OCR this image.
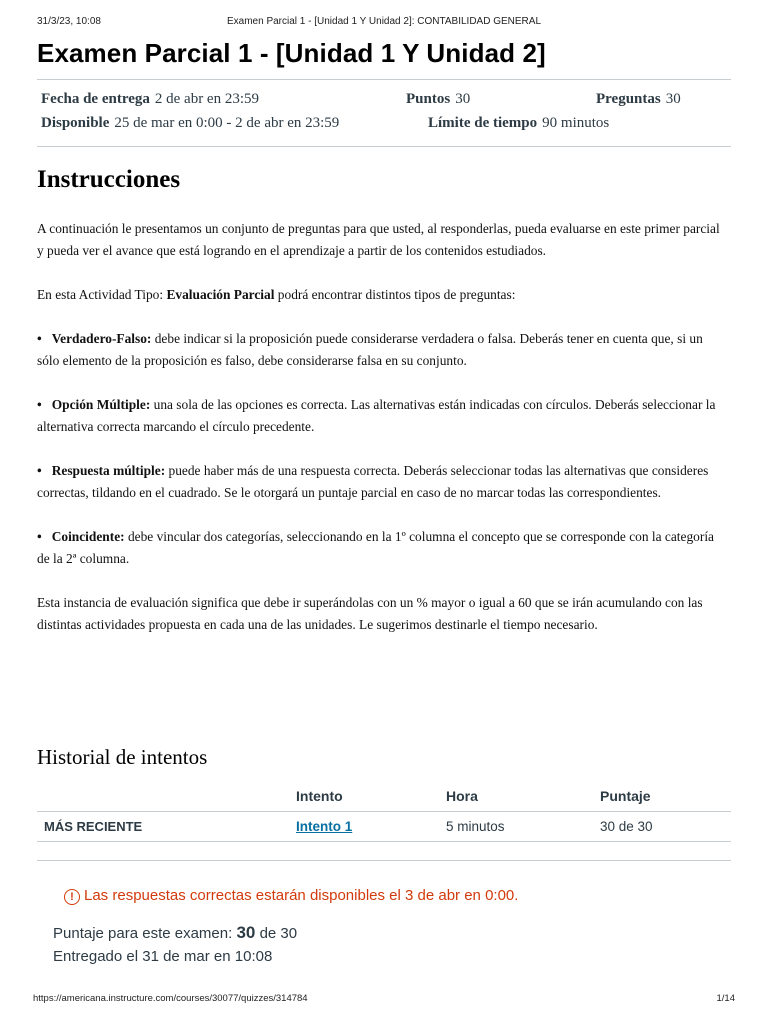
31/3/23, 10:08	Examen Parcial 1 - [Unidad 1 Y Unidad 2]: CONTABILIDAD GENERAL
Examen Parcial 1 - [Unidad 1 Y Unidad 2]
Fecha de entrega 2 de abr en 23:59	Puntos 30	Preguntas 30
Disponible 25 de mar en 0:00 - 2 de abr en 23:59	Límite de tiempo 90 minutos
Instrucciones

A continuación le presentamos un conjunto de preguntas para que usted, al responderlas, pueda evaluarse en este primer parcial y pueda ver el avance que está logrando en el aprendizaje a partir de los contenidos estudiados.

En esta Actividad Tipo: Evaluación Parcial podrá encontrar distintos tipos de preguntas:

• Verdadero-Falso: debe indicar si la proposición puede considerarse verdadera o falsa. Deberás tener en cuenta que, si un sólo elemento de la proposición es falso, debe considerarse falsa en su conjunto.

• Opción Múltiple: una sola de las opciones es correcta. Las alternativas están indicadas con círculos. Deberás seleccionar la alternativa correcta marcando el círculo precedente.

• Respuesta múltiple: puede haber más de una respuesta correcta. Deberás seleccionar todas las alternativas que consideres correctas, tildando en el cuadrado. Se le otorgará un puntaje parcial en caso de no marcar todas las correspondientes.

• Coincidente: debe vincular dos categorías, seleccionando en la 1º columna el concepto que se corresponde con la categoría de la 2ª columna.

Esta instancia de evaluación significa que debe ir superándolas con un % mayor o igual a 60 que se irán acumulando con las distintas actividades propuesta en cada una de las unidades. Le sugerimos destinarle el tiempo necesario.

Historial de intentos
	Intento	Hora	Puntaje
MÁS RECIENTE	Intento 1	5 minutos	30 de 30
! Las respuestas correctas estarán disponibles el 3 de abr en 0:00.
Puntaje para este examen: 30 de 30
Entregado el 31 de mar en 10:08
https://americana.instructure.com/courses/30077/quizzes/314784	1/14
